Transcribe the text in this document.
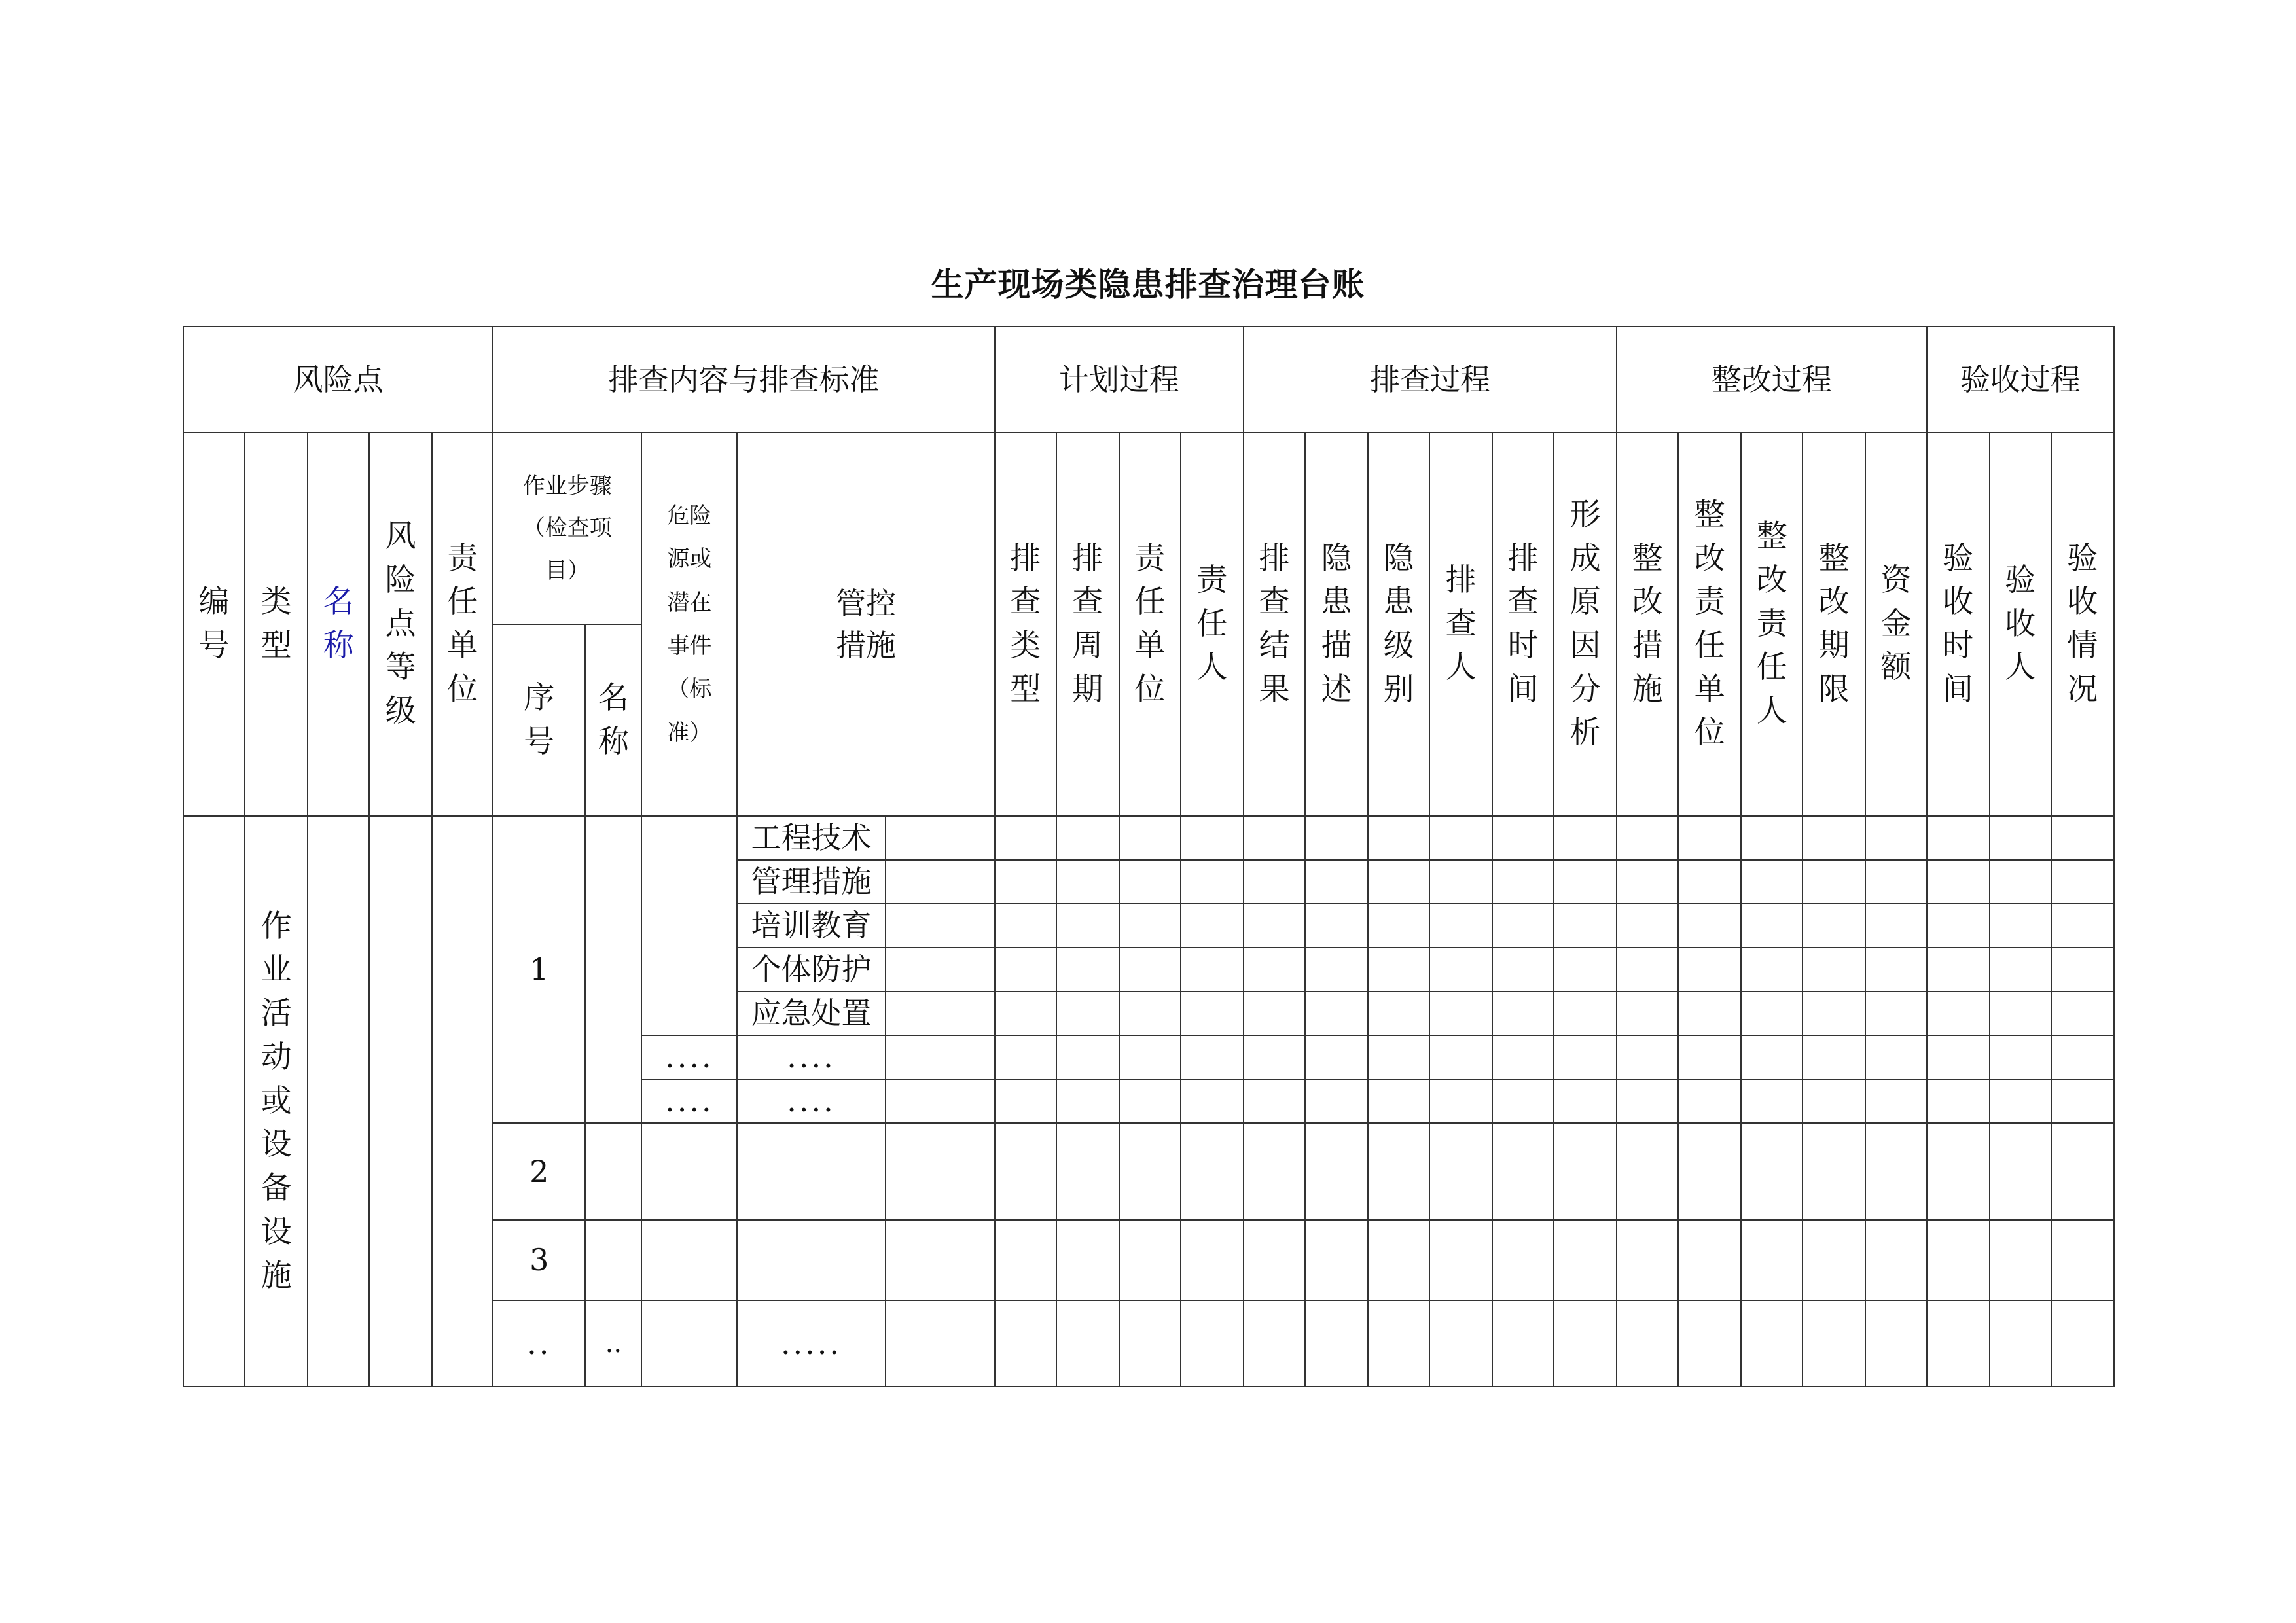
生产现场类隐患排查治理台账
风险点					排查内容与排查标准					计划过程				排查过程						整改过程					验收过程		

编号	类型	名称	风险点等级	责任单位	作业步骤（检查项目）		危险源或潜在事件（标准）	管控措施		排查类型	排查周期	责任单位	责任人	排查结果	隐患描述	隐患级别	排查人	排查时间	形成原因分析	整改措施	整改责任单位	整改责任人	整改期限	资金额	验收时间	验收人	验收情况

					序号	名称																					

	作业活动或设备设施				1			工程技术																			
								管理措施																			
								培训教育																			
								个体防护																			
								应急处置																			
							....	....																			
							....	....																			
					2																						
					3																						
					..	..		.....																			
